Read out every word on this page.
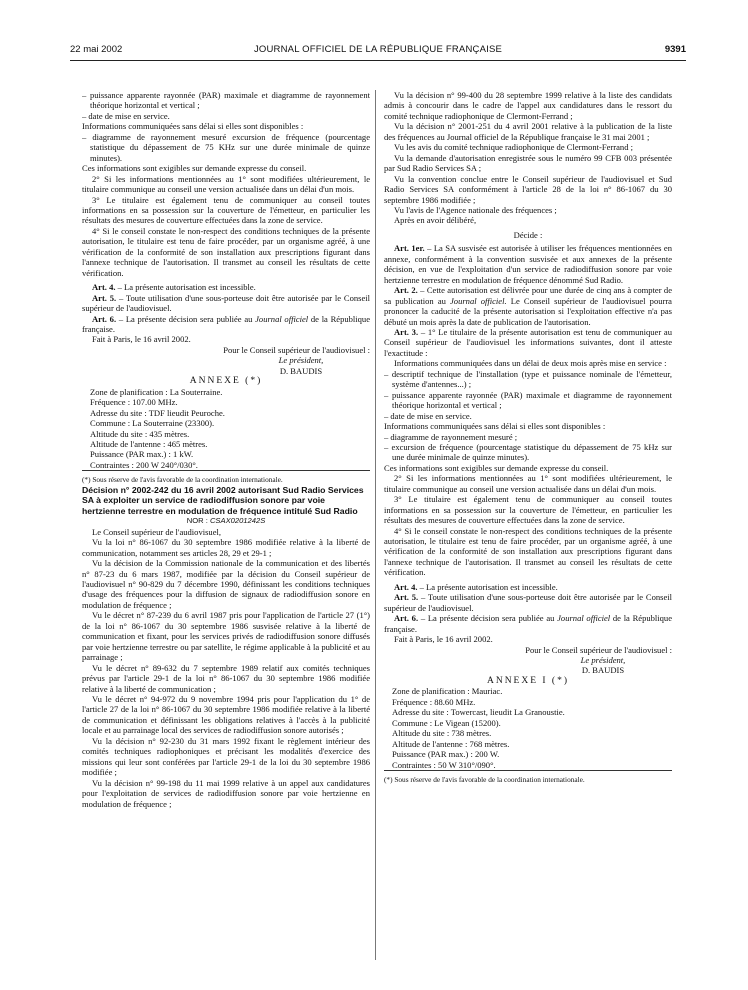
22 mai 2002	JOURNAL OFFICIEL DE LA RÉPUBLIQUE FRANÇAISE	9391

– puissance apparente rayonnée (PAR) maximale et diagramme de rayonnement théorique horizontal et vertical ;

– date de mise en service.

Informations communiquées sans délai si elles sont disponibles :

– diagramme de rayonnement mesuré excursion de fréquence (pourcentage statistique du dépassement de 75 KHz sur une durée minimale de quinze minutes).

Ces informations sont exigibles sur demande expresse du conseil.

2° Si les informations mentionnées au 1° sont modifiées ultérieurement, le titulaire communique au conseil une version actualisée dans un délai d'un mois.

3° Le titulaire est également tenu de communiquer au conseil toutes informations en sa possession sur la couverture de l'émetteur, en particulier les résultats des mesures de couverture effectuées dans la zone de service.

4° Si le conseil constate le non-respect des conditions techniques de la présente autorisation, le titulaire est tenu de faire procéder, par un organisme agréé, à une vérification de la conformité de son installation aux prescriptions figurant dans l'annexe technique de l'autorisation. Il transmet au conseil les résultats de cette vérification.

Art. 4. – La présente autorisation est incessible.

Art. 5. – Toute utilisation d'une sous-porteuse doit être autorisée par le Conseil supérieur de l'audiovisuel.

Art. 6. – La présente décision sera publiée au Journal officiel de la République française.

Fait à Paris, le 16 avril 2002.

Pour le Conseil supérieur de l'audiovisuel :

Le président,

D. BAUDIS

ANNEXE (*)

Zone de planification : La Souterraine.

Fréquence : 107.00 MHz.

Adresse du site : TDF lieudit Peuroche.

Commune : La Souterraine (23300).

Altitude du site : 435 mètres.

Altitude de l'antenne : 465 mètres.

Puissance (PAR max.) : 1 kW.

Contraintes : 200 W 240°/030°.

(*) Sous réserve de l'avis favorable de la coordination internationale.

Décision n° 2002-242 du 16 avril 2002 autorisant Sud Radio Services SA à exploiter un service de radiodiffusion sonore par voie hertzienne terrestre en modulation de fréquence intitulé Sud Radio

NOR : CSAX0201242S

Le Conseil supérieur de l'audiovisuel,

Vu la loi n° 86-1067 du 30 septembre 1986 modifiée relative à la liberté de communication, notamment ses articles 28, 29 et 29-1 ;

Vu la décision de la Commission nationale de la communication et des libertés n° 87-23 du 6 mars 1987, modifiée par la décision du Conseil supérieur de l'audiovisuel n° 90-829 du 7 décembre 1990, définissant les conditions techniques d'usage des fréquences pour la diffusion de signaux de radiodiffusion sonore en modulation de fréquence ;

Vu le décret n° 87-239 du 6 avril 1987 pris pour l'application de l'article 27 (1°) de la loi n° 86-1067 du 30 septembre 1986 susvisée relative à la liberté de communication et fixant, pour les services privés de radiodiffusion sonore diffusés par voie hertzienne terrestre ou par satellite, le régime applicable à la publicité et au parrainage ;

Vu le décret n° 89-632 du 7 septembre 1989 relatif aux comités techniques prévus par l'article 29-1 de la loi n° 86-1067 du 30 septembre 1986 modifiée relative à la liberté de communication ;

Vu le décret n° 94-972 du 9 novembre 1994 pris pour l'application du 1° de l'article 27 de la loi n° 86-1067 du 30 septembre 1986 modifiée relative à la liberté de communication et définissant les obligations relatives à l'accès à la publicité locale et au parrainage local des services de radiodiffusion sonore autorisés ;

Vu la décision n° 92-230 du 31 mars 1992 fixant le règlement intérieur des comités techniques radiophoniques et précisant les modalités d'exercice des missions qui leur sont conférées par l'article 29-1 de la loi du 30 septembre 1986 modifiée ;

Vu la décision n° 99-198 du 11 mai 1999 relative à un appel aux candidatures pour l'exploitation de services de radiodiffusion sonore par voie hertzienne en modulation de fréquence ;

Vu la décision n° 99-400 du 28 septembre 1999 relative à la liste des candidats admis à concourir dans le cadre de l'appel aux candidatures dans le ressort du comité technique radiophonique de Clermont-Ferrand ;

Vu la décision n° 2001-251 du 4 avril 2001 relative à la publication de la liste des fréquences au Journal officiel de la République française le 31 mai 2001 ;

Vu les avis du comité technique radiophonique de Clermont-Ferrand ;

Vu la demande d'autorisation enregistrée sous le numéro 99 CFB 003 présentée par Sud Radio Services SA ;

Vu la convention conclue entre le Conseil supérieur de l'audiovisuel et Sud Radio Services SA conformément à l'article 28 de la loi n° 86-1067 du 30 septembre 1986 modifiée ;

Vu l'avis de l'Agence nationale des fréquences ;

Après en avoir délibéré,

Décide :

Art. 1er. – La SA susvisée est autorisée à utiliser les fréquences mentionnées en annexe, conformément à la convention susvisée et aux annexes de la présente décision, en vue de l'exploitation d'un service de radiodiffusion sonore par voie hertzienne terrestre en modulation de fréquence dénommé Sud Radio.

Art. 2. – Cette autorisation est délivrée pour une durée de cinq ans à compter de sa publication au Journal officiel. Le Conseil supérieur de l'audiovisuel pourra prononcer la caducité de la présente autorisation si l'exploitation effective n'a pas débuté un mois après la date de publication de l'autorisation.

Art. 3. – 1° Le titulaire de la présente autorisation est tenu de communiquer au Conseil supérieur de l'audiovisuel les informations suivantes, dont il atteste l'exactitude :

Informations communiquées dans un délai de deux mois après mise en service :

– descriptif technique de l'installation (type et puissance nominale de l'émetteur, système d'antennes...) ;

– puissance apparente rayonnée (PAR) maximale et diagramme de rayonnement théorique horizontal et vertical ;

– date de mise en service.

Informations communiquées sans délai si elles sont disponibles :

– diagramme de rayonnement mesuré ;

– excursion de fréquence (pourcentage statistique du dépassement de 75 kHz sur une durée minimale de quinze minutes).

Ces informations sont exigibles sur demande expresse du conseil.

2° Si les informations mentionnées au 1° sont modifiées ultérieurement, le titulaire communique au conseil une version actualisée dans un délai d'un mois.

3° Le titulaire est également tenu de communiquer au conseil toutes informations en sa possession sur la couverture de l'émetteur, en particulier les résultats des mesures de couverture effectuées dans la zone de service.

4° Si le conseil constate le non-respect des conditions techniques de la présente autorisation, le titulaire est tenu de faire procéder, par un organisme agréé, à une vérification de la conformité de son installation aux prescriptions figurant dans l'annexe technique de l'autorisation. Il transmet au conseil les résultats de cette vérification.

Art. 4. – La présente autorisation est incessible.

Art. 5. – Toute utilisation d'une sous-porteuse doit être autorisée par le Conseil supérieur de l'audiovisuel.

Art. 6. – La présente décision sera publiée au Journal officiel de la République française.

Fait à Paris, le 16 avril 2002.

Pour le Conseil supérieur de l'audiovisuel :

Le président,

D. BAUDIS

ANNEXE I (*)

Zone de planification : Mauriac.

Fréquence : 88.60 MHz.

Adresse du site : Towercast, lieudit La Granoustie.

Commune : Le Vigean (15200).

Altitude du site : 738 mètres.

Altitude de l'antenne : 768 mètres.

Puissance (PAR max.) : 200 W.

Contraintes : 50 W 310°/090°.

(*) Sous réserve de l'avis favorable de la coordination internationale.
